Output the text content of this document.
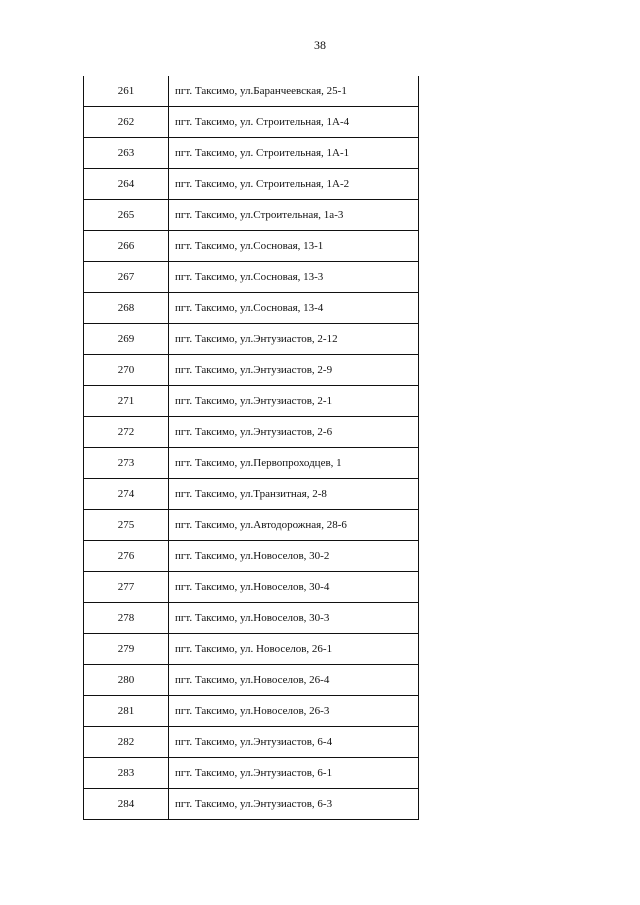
38
261	пгт. Таксимо, ул.Баранчеевская, 25-1
262	пгт. Таксимо, ул. Строительная, 1А-4
263	пгт. Таксимо, ул. Строительная, 1А-1
264	пгт. Таксимо, ул. Строительная, 1А-2
265	пгт. Таксимо, ул.Строительная, 1а-3
266	пгт. Таксимо, ул.Сосновая, 13-1
267	пгт. Таксимо, ул.Сосновая, 13-3
268	пгт. Таксимо, ул.Сосновая, 13-4
269	пгт. Таксимо, ул.Энтузиастов, 2-12
270	пгт. Таксимо, ул.Энтузиастов, 2-9
271	пгт. Таксимо, ул.Энтузиастов, 2-1
272	пгт. Таксимо, ул.Энтузиастов, 2-6
273	пгт. Таксимо, ул.Первопроходцев, 1
274	пгт. Таксимо, ул.Транзитная, 2-8
275	пгт. Таксимо, ул.Автодорожная, 28-6
276	пгт. Таксимо, ул.Новоселов, 30-2
277	пгт. Таксимо, ул.Новоселов, 30-4
278	пгт. Таксимо, ул.Новоселов, 30-3
279	пгт. Таксимо, ул. Новоселов, 26-1
280	пгт. Таксимо, ул.Новоселов, 26-4
281	пгт. Таксимо, ул.Новоселов, 26-3
282	пгт. Таксимо, ул.Энтузиастов, 6-4
283	пгт. Таксимо, ул.Энтузиастов, 6-1
284	пгт. Таксимо, ул.Энтузиастов, 6-3
